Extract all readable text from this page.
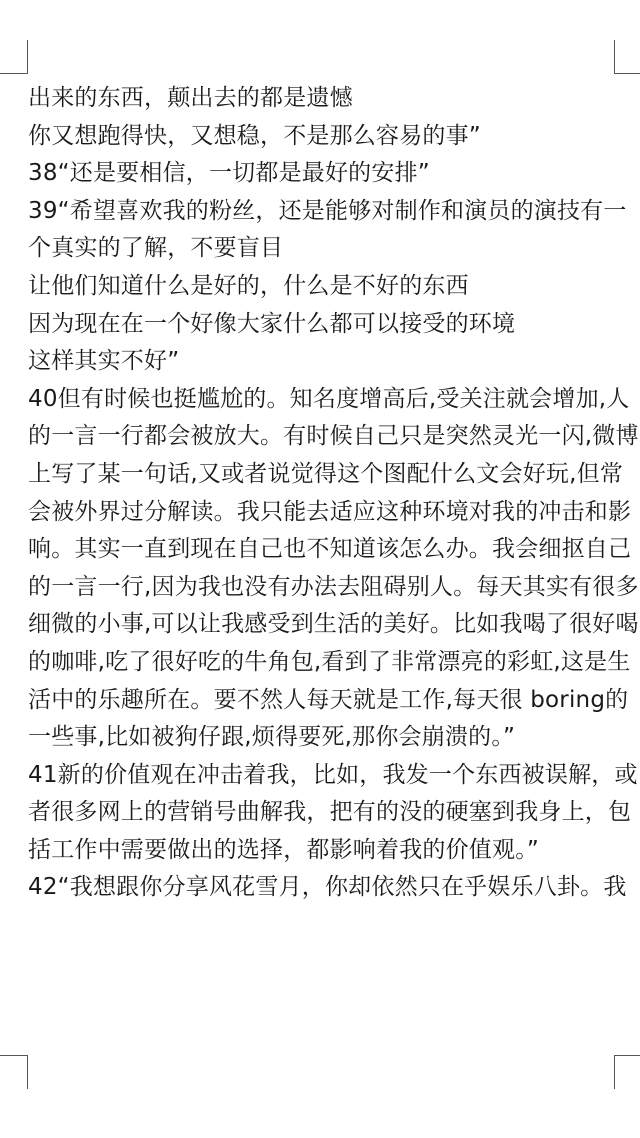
出来的东西，颠出去的都是遗憾
你又想跑得快，又想稳，不是那么容易的事”
38“还是要相信，一切都是最好的安排”
39“希望喜欢我的粉丝，还是能够对制作和演员的演技有一
个真实的了解，不要盲目
让他们知道什么是好的，什么是不好的东西
因为现在在一个好像大家什么都可以接受的环境
这样其实不好”
40但有时候也挺尴尬的。知名度增高后,受关注就会增加,人
的一言一行都会被放大。有时候自己只是突然灵光一闪,微博
上写了某一句话,又或者说觉得这个图配什么文会好玩,但常
会被外界过分解读。我只能去适应这种环境对我的冲击和影
响。其实一直到现在自己也不知道该怎么办。我会细抠自己
的一言一行,因为我也没有办法去阻碍别人。每天其实有很多
细微的小事,可以让我感受到生活的美好。比如我喝了很好喝
的咖啡,吃了很好吃的牛角包,看到了非常漂亮的彩虹,这是生
活中的乐趣所在。要不然人每天就是工作,每天很 boring的
一些事,比如被狗仔跟,烦得要死,那你会崩溃的。”
41新的价值观在冲击着我，比如，我发一个东西被误解，或
者很多网上的营销号曲解我，把有的没的硬塞到我身上，包
括工作中需要做出的选择，都影响着我的价值观。”
42“我想跟你分享风花雪月，你却依然只在乎娱乐八卦。我
